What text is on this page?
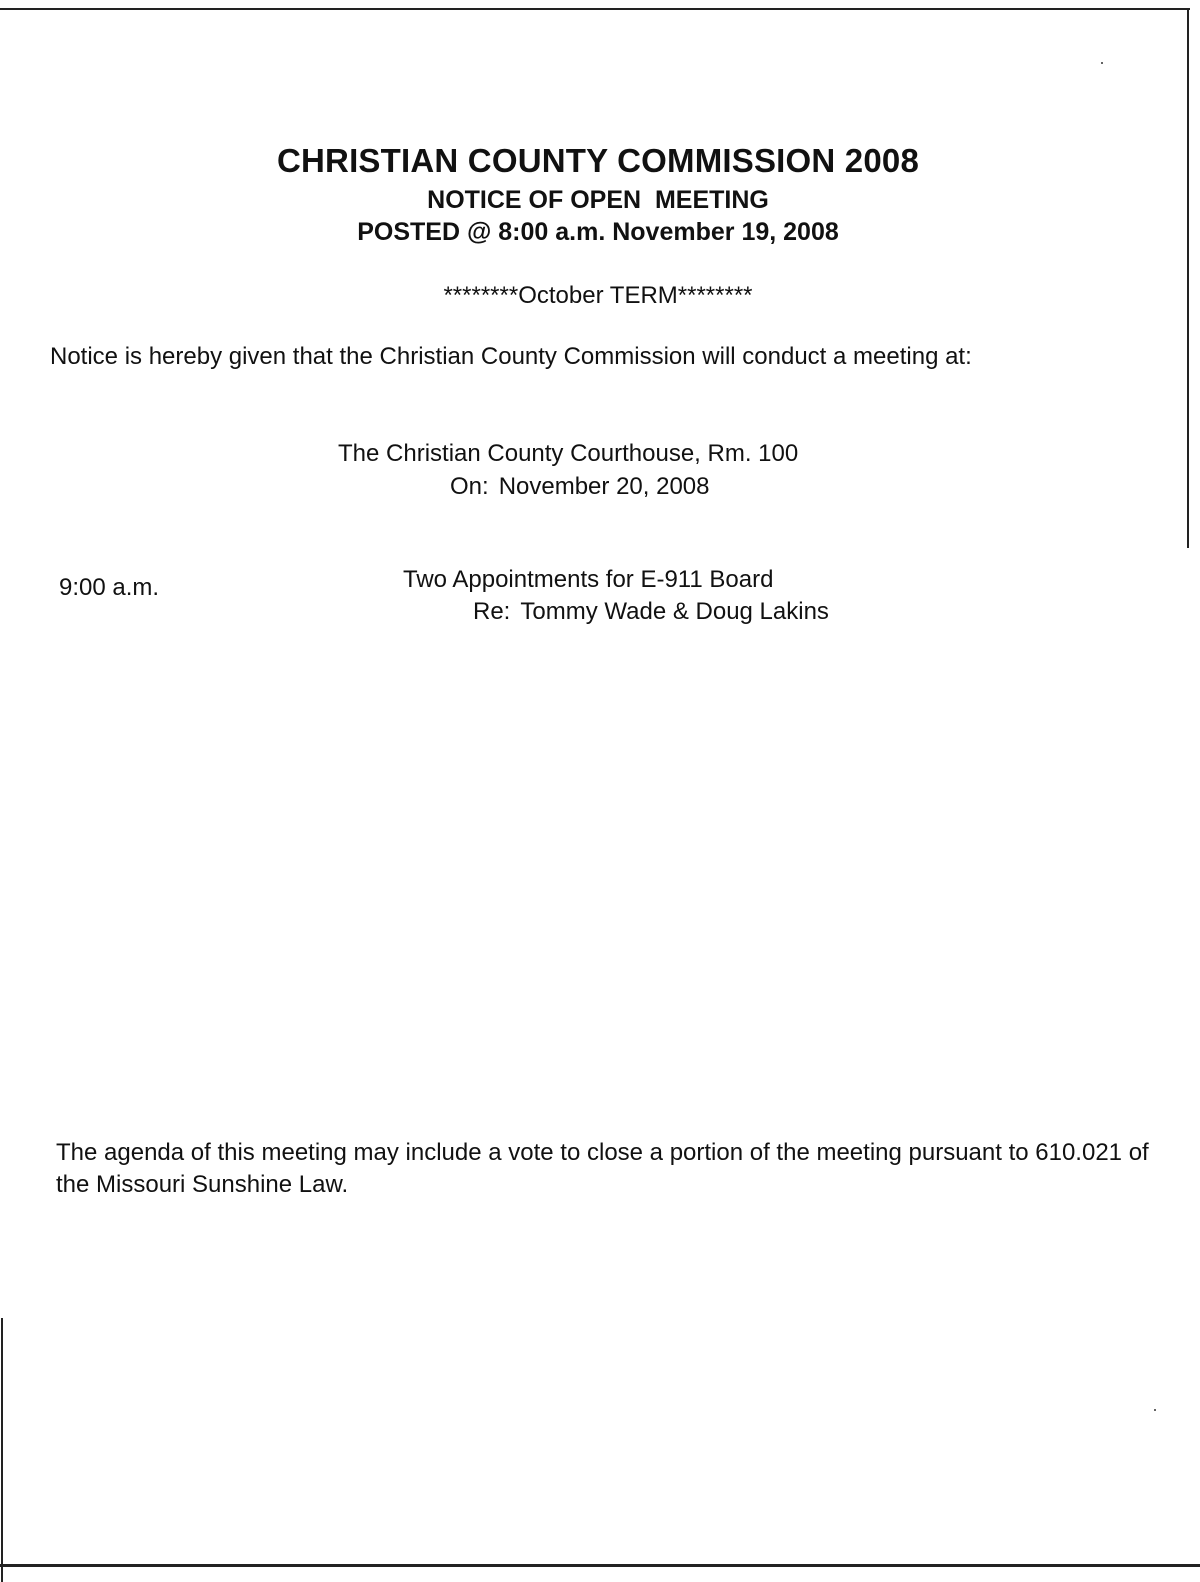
CHRISTIAN COUNTY COMMISSION 2008
NOTICE OF OPEN  MEETING
POSTED @ 8:00 a.m. November 19, 2008
********October TERM********
Notice is hereby given that the Christian County Commission will conduct a meeting at:
The Christian County Courthouse, Rm. 100
On: November 20, 2008
9:00 a.m.	Two Appointments for E-911 Board
Re: Tommy Wade & Doug Lakins
The agenda of this meeting may include a vote to close a portion of the meeting pursuant to 610.021 of the Missouri Sunshine Law.
